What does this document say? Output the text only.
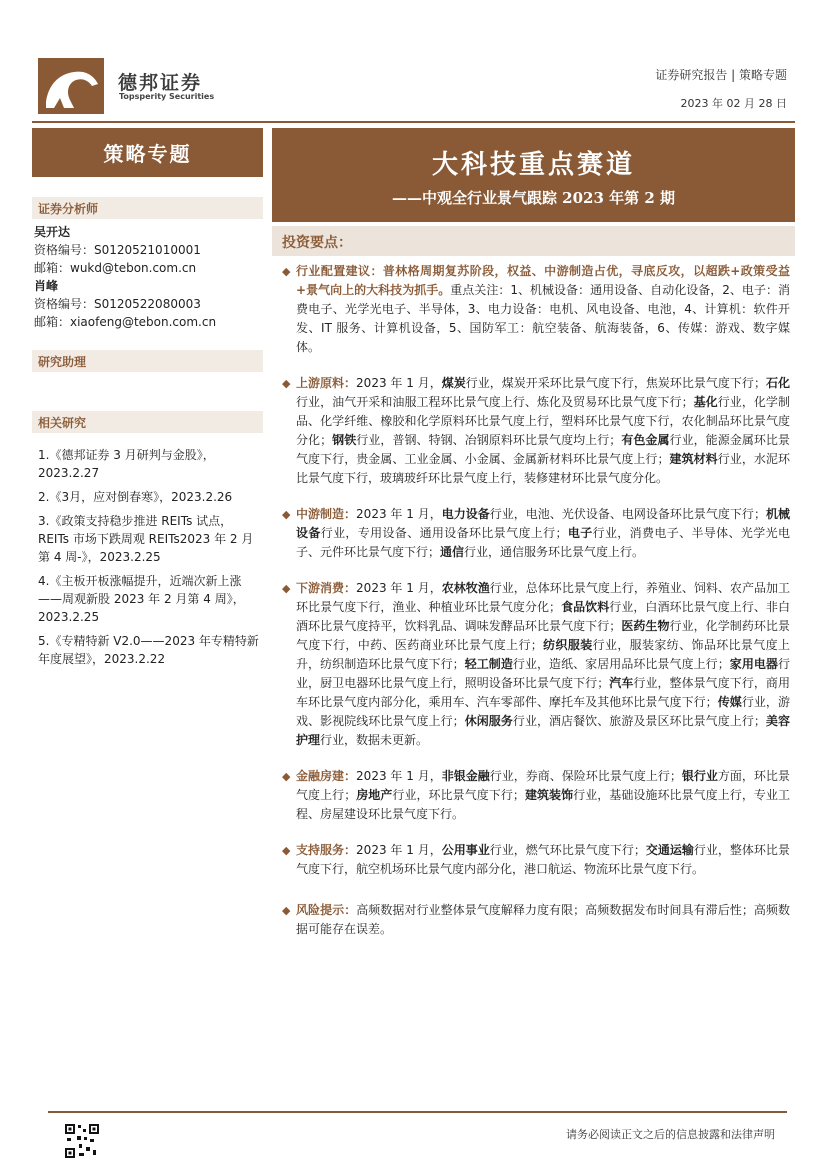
德邦证券
Topsperity Securities
证券研究报告 | 策略专题
2023 年 02 月 28 日
策略专题
证券分析师
吴开达
资格编号：S0120521010001
邮箱：wukd@tebon.com.cn
肖峰
资格编号：S0120522080003
邮箱：xiaofeng@tebon.com.cn
研究助理
相关研究
1.《德邦证券 3 月研判与金股》，2023.2.27
2.《3月，应对倒春寒》，2023.2.26
3.《政策支持稳步推进 REITs 试点，REITs 市场下跌周观 REITs2023 年 2 月第 4 周-》，2023.2.25
4.《主板开板涨幅提升，近端次新上涨——周观新股 2023 年 2 月第 4 周》，2023.2.25
5.《专精特新 V2.0——2023 年专精特新年度展望》，2023.2.22
大科技重点赛道
——中观全行业景气跟踪 2023 年第 2 期
投资要点：
◆ 行业配置建议：普林格周期复苏阶段，权益、中游制造占优，寻底反攻，以超跌+政策受益+景气向上的大科技为抓手。重点关注：1、机械设备：通用设备、自动化设备，2、电子：消费电子、光学光电子、半导体，3、电力设备：电机、风电设备、电池，4、计算机：软件开发、IT 服务、计算机设备，5、国防军工：航空装备、航海装备，6、传媒：游戏、数字媒体。
◆ 上游原料：2023 年 1 月，煤炭行业，煤炭开采环比景气度下行，焦炭环比景气度下行；石化行业，油气开采和油服工程环比景气度上行、炼化及贸易环比景气度下行；基化行业，化学制品、化学纤维、橡胶和化学原料环比景气度上行，塑料环比景气度下行，农化制品环比景气度分化；钢铁行业，普钢、特钢、冶钢原料环比景气度均上行；有色金属行业，能源金属环比景气度下行，贵金属、工业金属、小金属、金属新材料环比景气度上行；建筑材料行业，水泥环比景气度下行，玻璃玻纤环比景气度上行，装修建材环比景气度分化。
◆ 中游制造：2023 年 1 月，电力设备行业，电池、光伏设备、电网设备环比景气度下行；机械设备行业，专用设备、通用设备环比景气度上行；电子行业，消费电子、半导体、光学光电子、元件环比景气度下行；通信行业，通信服务环比景气度上行。
◆ 下游消费：2023 年 1 月，农林牧渔行业，总体环比景气度上行，养殖业、饲料、农产品加工环比景气度下行，渔业、种植业环比景气度分化；食品饮料行业，白酒环比景气度上行、非白酒环比景气度持平，饮料乳品、调味发酵品环比景气度下行；医药生物行业，化学制药环比景气度下行，中药、医药商业环比景气度上行；纺织服装行业，服装家纺、饰品环比景气度上升，纺织制造环比景气度下行；轻工制造行业，造纸、家居用品环比景气度上行；家用电器行业，厨卫电器环比景气度上行，照明设备环比景气度下行；汽车行业，整体景气度下行，商用车环比景气度内部分化，乘用车、汽车零部件、摩托车及其他环比景气度下行；传媒行业，游戏、影视院线环比景气度上行；休闲服务行业，酒店餐饮、旅游及景区环比景气度上行；美容护理行业，数据未更新。
◆ 金融房建：2023 年 1 月，非银金融行业，券商、保险环比景气度上行；银行业方面，环比景气度上行；房地产行业，环比景气度下行；建筑装饰行业，基础设施环比景气度上行，专业工程、房屋建设环比景气度下行。
◆ 支持服务：2023 年 1 月，公用事业行业，燃气环比景气度下行；交通运输行业，整体环比景气度下行，航空机场环比景气度内部分化，港口航运、物流环比景气度下行。
◆ 风险提示：高频数据对行业整体景气度解释力度有限；高频数据发布时间具有滞后性；高频数据可能存在误差。
请务必阅读正文之后的信息披露和法律声明
